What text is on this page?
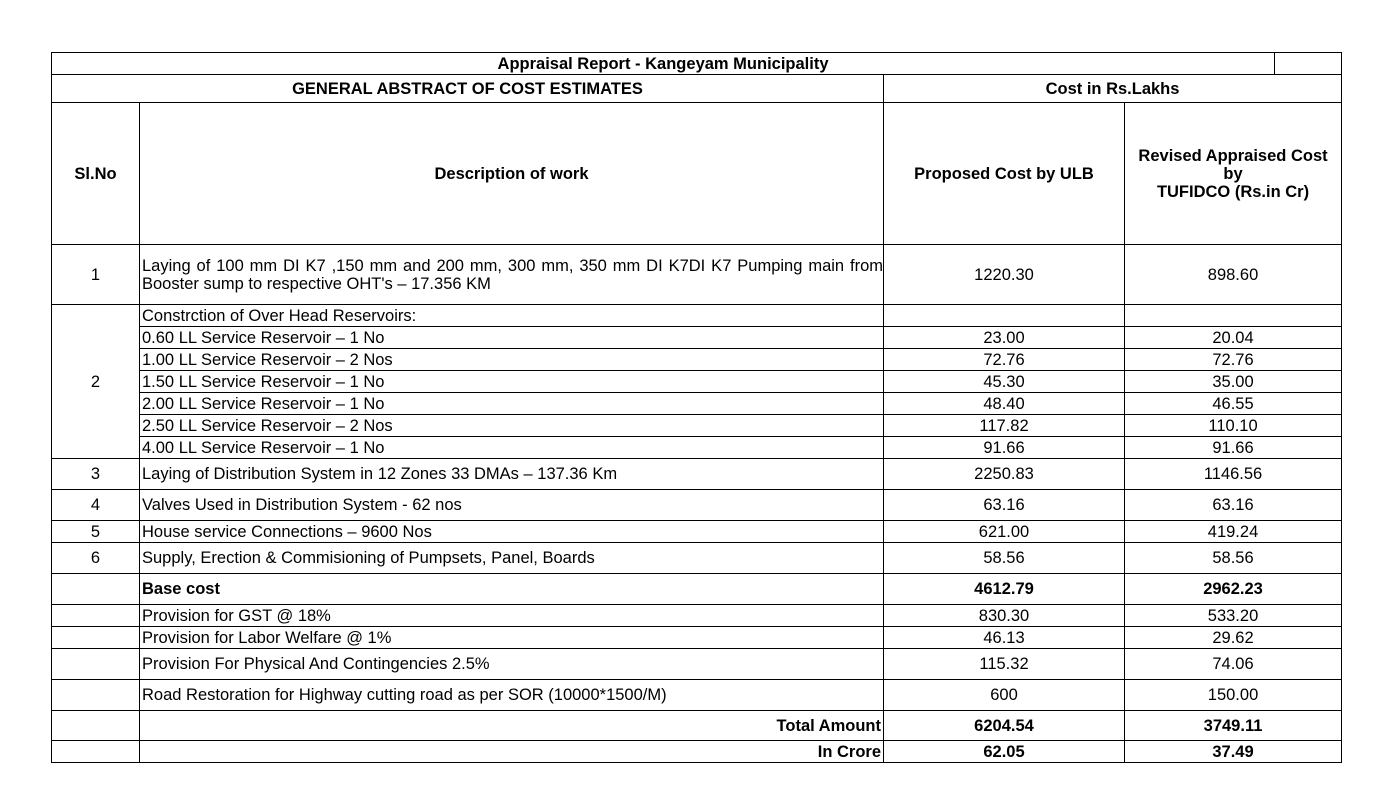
Appraisal Report - Kangeyam Municipality				
GENERAL ABSTRACT OF COST ESTIMATES		Cost in Rs.Lakhs		
Sl.No	Description of work	Proposed Cost by ULB	Revised Appraised Cost
by
TUFIDCO (Rs.in Cr)	

1	Laying of 100 mm DI K7 ,150 mm and 200 mm, 300 mm, 350 mm DI K7DI K7 Pumping main from Booster sump to respective OHT's – 17.356 KM	1220.30	898.60	
2	Constrction of Over Head Reservoirs:			
	0.60 LL Service Reservoir – 1 No	23.00	20.04	
	1.00 LL Service Reservoir – 2 Nos	72.76	72.76	
	1.50 LL Service Reservoir – 1 No	45.30	35.00	
	2.00 LL Service Reservoir – 1 No	48.40	46.55	
	2.50 LL Service Reservoir – 2 Nos	117.82	110.10	
	4.00 LL Service Reservoir – 1 No	91.66	91.66	
3	Laying of Distribution System in 12 Zones 33 DMAs – 137.36 Km	2250.83	1146.56	
4	Valves Used in Distribution System - 62 nos	63.16	63.16	
5	House service Connections – 9600 Nos	621.00	419.24	
6	Supply, Erection & Commisioning of Pumpsets, Panel, Boards	58.56	58.56	
	Base cost	4612.79	2962.23	
	Provision for GST @ 18%	830.30	533.20	
	Provision for Labor Welfare @ 1%	46.13	29.62	
	Provision For Physical And Contingencies 2.5%	115.32	74.06	
	Road Restoration for Highway cutting road as per SOR (10000*1500/M)	600	150.00	
	Total Amount	6204.54	3749.11	
	In Crore	62.05	37.49	
